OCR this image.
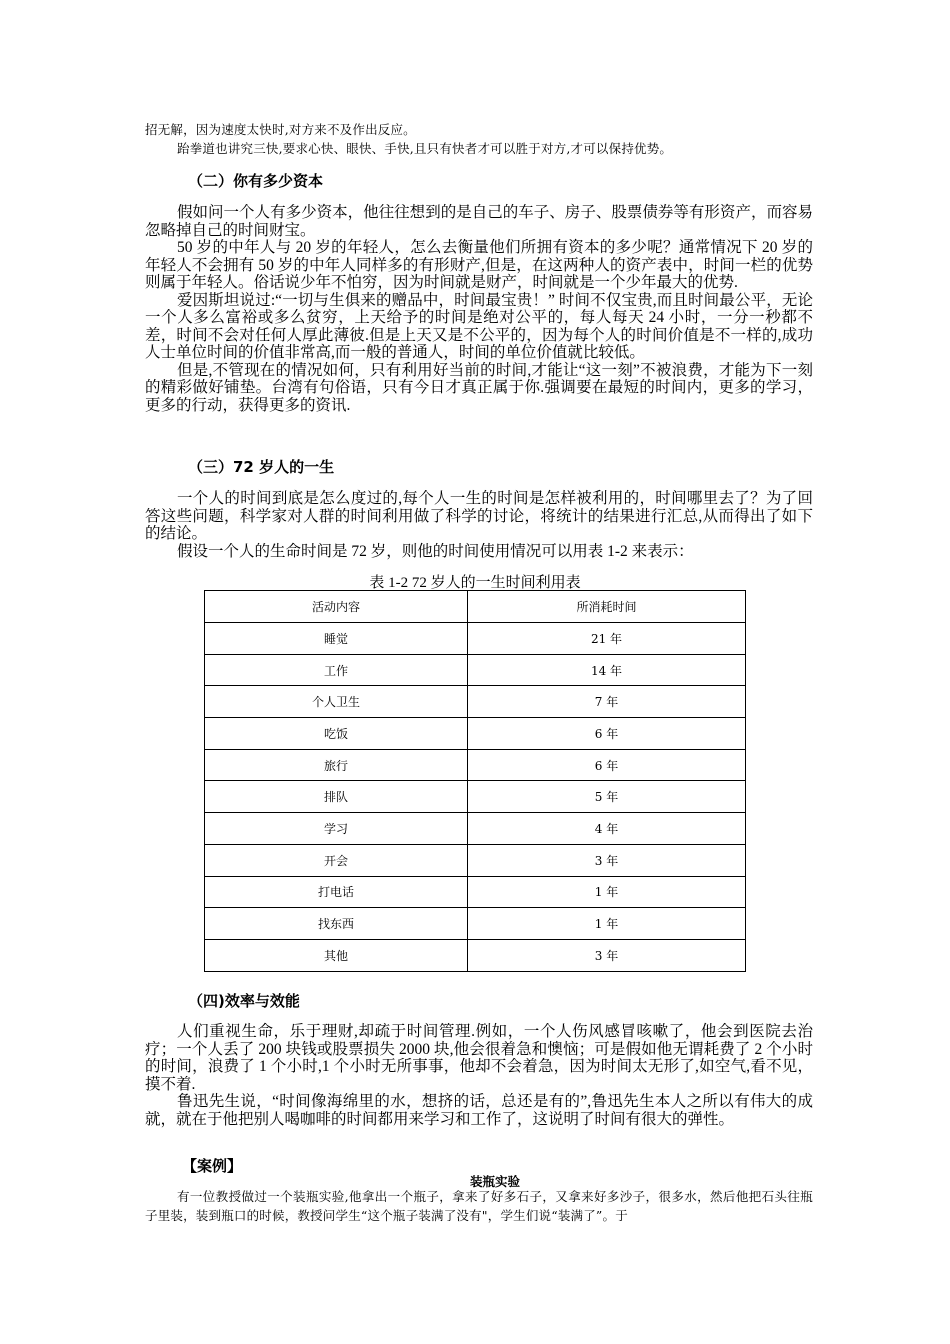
招无解，因为速度太快时,对方来不及作出反应。

跆拳道也讲究三快,要求心快、眼快、手快,且只有快者才可以胜于对方,才可以保持优势。

（二）你有多少资本

假如问一个人有多少资本，他往往想到的是自己的车子、房子、股票债券等有形资产，而容易忽略掉自己的时间财宝。

50 岁的中年人与 20 岁的年轻人，怎么去衡量他们所拥有资本的多少呢？通常情况下 20 岁的年轻人不会拥有 50 岁的中年人同样多的有形财产,但是，在这两种人的资产表中，时间一栏的优势则属于年轻人。俗话说少年不怕穷，因为时间就是财产，时间就是一个少年最大的优势.

爱因斯坦说过:“一切与生俱来的赠品中，时间最宝贵！” 时间不仅宝贵,而且时间最公平，无论一个人多么富裕或多么贫穷，上天给予的时间是绝对公平的，每人每天 24 小时，一分一秒都不差，时间不会对任何人厚此薄彼.但是上天又是不公平的，因为每个人的时间价值是不一样的,成功人士单位时间的价值非常高,而一般的普通人，时间的单位价值就比较低。

但是,不管现在的情况如何，只有利用好当前的时间,才能让“这一刻”不被浪费，才能为下一刻的精彩做好铺垫。台湾有句俗语，只有今日才真正属于你.强调要在最短的时间内，更多的学习，更多的行动，获得更多的资讯.

（三）72 岁人的一生

一个人的时间到底是怎么度过的,每个人一生的时间是怎样被利用的，时间哪里去了？为了回答这些问题，科学家对人群的时间利用做了科学的讨论，将统计的结果进行汇总,从而得出了如下的结论。

假设一个人的生命时间是 72 岁，则他的时间使用情况可以用表 1-2 来表示：

表 1-2 72 岁人的一生时间利用表
活动内容	所消耗时间
睡觉	21 年
工作	14 年
个人卫生	7 年
吃饭	6 年
旅行	6 年
排队	5 年
学习	4 年
开会	3 年
打电话	1 年
找东西	1 年
其他	3 年
（四)效率与效能

人们重视生命，乐于理财,却疏于时间管理.例如，一个人伤风感冒咳嗽了，他会到医院去治疗；一个人丢了 200 块钱或股票损失 2000 块,他会很着急和懊恼；可是假如他无谓耗费了 2 个小时的时间，浪费了 1 个小时,1 个小时无所事事，他却不会着急，因为时间太无形了,如空气,看不见，摸不着.

鲁迅先生说，“时间像海绵里的水，想挤的话，总还是有的”,鲁迅先生本人之所以有伟大的成就，就在于他把别人喝咖啡的时间都用来学习和工作了，这说明了时间有很大的弹性。

【案例】
装瓶实验

有一位教授做过一个装瓶实验,他拿出一个瓶子，拿来了好多石子，又拿来好多沙子，很多水，然后他把石头往瓶子里装，装到瓶口的时候，教授问学生“这个瓶子装满了没有"，学生们说“装满了”。于
